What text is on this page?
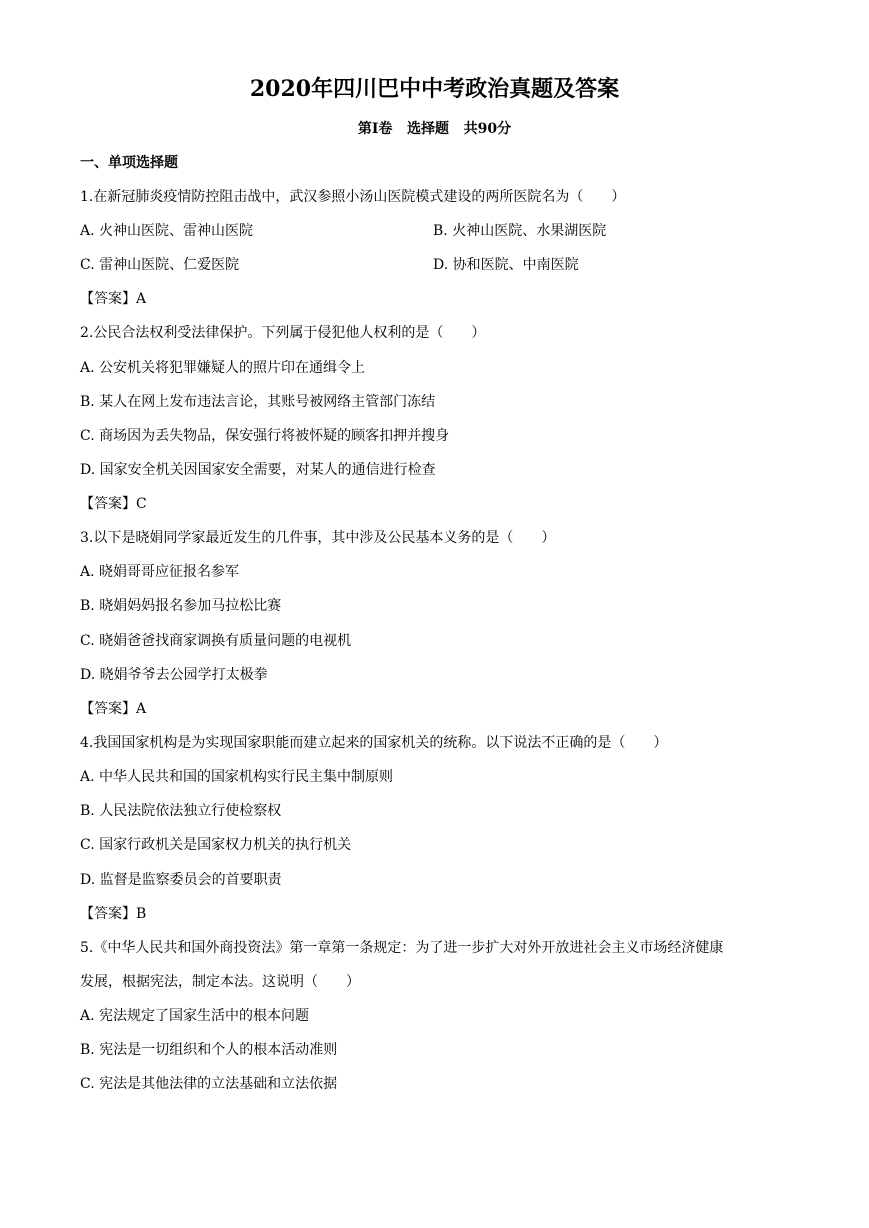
2020年四川巴中中考政治真题及答案
第Ⅰ卷   选择题   共90分
一、单项选择题
1.在新冠肺炎疫情防控阻击战中，武汉参照小汤山医院模式建设的两所医院名为（　　）
A. 火神山医院、雷神山医院	B. 火神山医院、水果湖医院
C. 雷神山医院、仁爱医院	D. 协和医院、中南医院
【答案】A
2.公民合法权利受法律保护。下列属于侵犯他人权利的是（　　）
A. 公安机关将犯罪嫌疑人的照片印在通缉令上
B. 某人在网上发布违法言论，其账号被网络主管部门冻结
C. 商场因为丢失物品，保安强行将被怀疑的顾客扣押并搜身
D. 国家安全机关因国家安全需要，对某人的通信进行检查
【答案】C
3.以下是晓娟同学家最近发生的几件事，其中涉及公民基本义务的是（　　）
A. 晓娟哥哥应征报名参军
B. 晓娟妈妈报名参加马拉松比赛
C. 晓娟爸爸找商家调换有质量问题的电视机
D. 晓娟爷爷去公园学打太极拳
【答案】A
4.我国国家机构是为实现国家职能而建立起来的国家机关的统称。以下说法不正确的是（　　）
A. 中华人民共和国的国家机构实行民主集中制原则
B. 人民法院依法独立行使检察权
C. 国家行政机关是国家权力机关的执行机关
D. 监督是监察委员会的首要职责
【答案】B
5.《中华人民共和国外商投资法》第一章第一条规定：为了进一步扩大对外开放进社会主义市场经济健康
发展，根据宪法，制定本法。这说明（　　）
A. 宪法规定了国家生活中的根本问题
B. 宪法是一切组织和个人的根本活动准则
C. 宪法是其他法律的立法基础和立法依据
